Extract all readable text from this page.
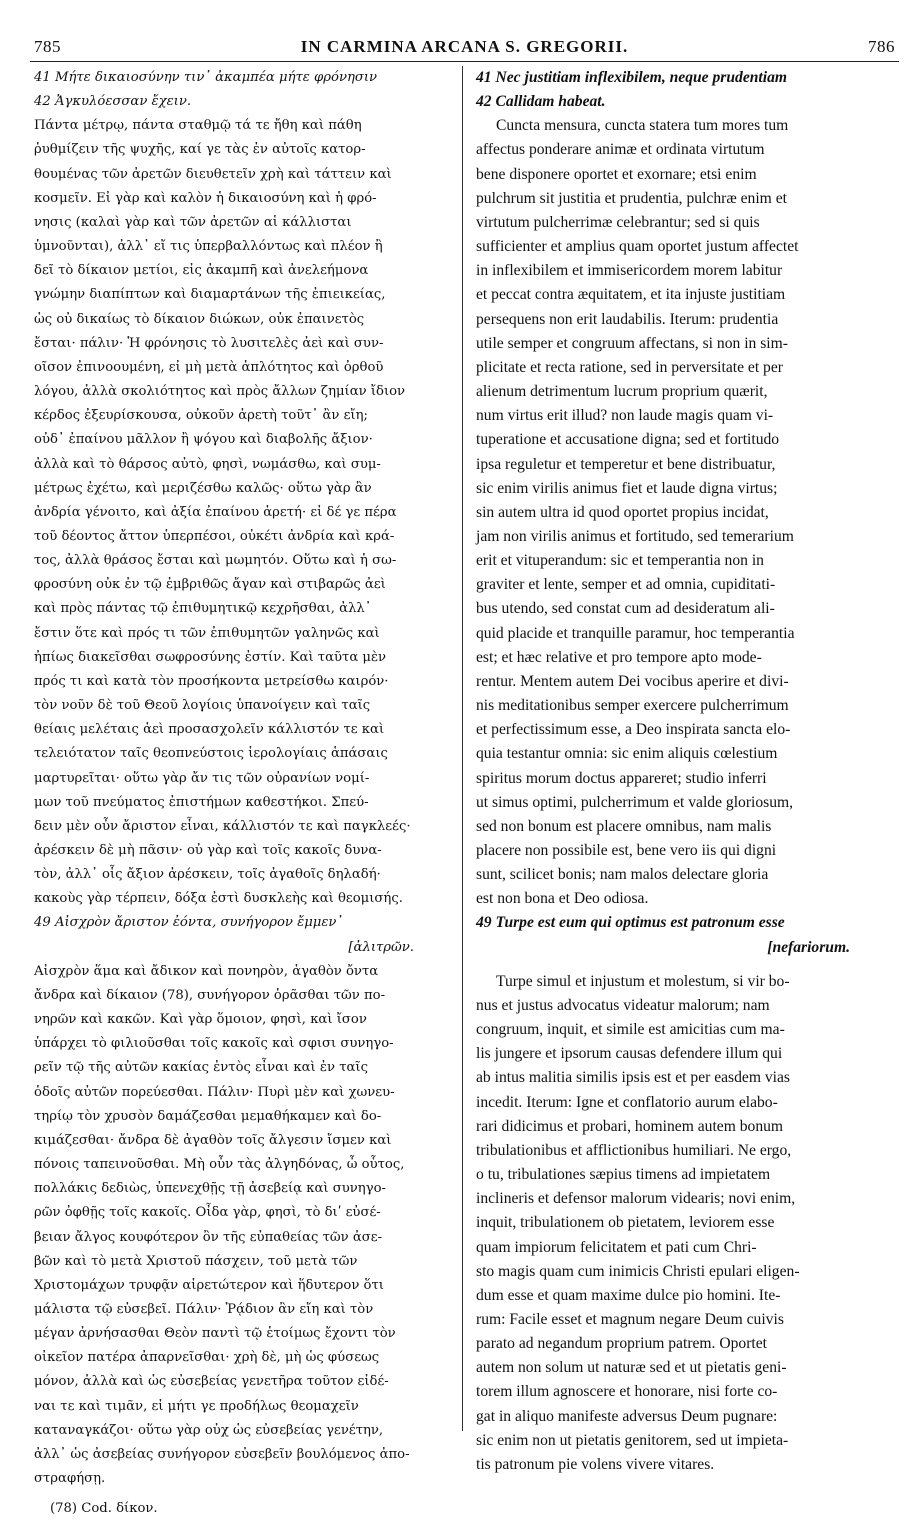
785	IN CARMINA ARCANA S. GREGORII.	786
41 Μήτε δικαιοσύνην τιν᾽ ἀκαμπέα μήτε φρόνησιν
42 Ἀγκυλόεσσαν ἔχειν.
Πάντα μέτρῳ, πάντα σταθμῷ τά τε ἤθη καὶ πάθη
ῥυθμίζειν τῆς ψυχῆς, καί γε τὰς ἐν αὐτοῖς κατορ-
θουμένας τῶν ἀρετῶν διευθετεῖν χρὴ καὶ τάττειν καὶ
κοσμεῖν. Εἰ γὰρ καὶ καλὸν ἡ δικαιοσύνη καὶ ἡ φρό-
νησις (καλαὶ γὰρ καὶ τῶν ἀρετῶν αἱ κάλλισται
ὑμνοῦνται), ἀλλ᾽ εἴ τις ὑπερβαλλόντως καὶ πλέον ἢ
δεῖ τὸ δίκαιον μετίοι, εἰς ἀκαμπῆ καὶ ἀνελεήμονα
γνώμην διαπίπτων καὶ διαμαρτάνων τῆς ἐπιεικείας,
ὡς οὐ δικαίως τὸ δίκαιον διώκων, οὐκ ἐπαινετὸς
ἔσται· πάλιν· Ἡ φρόνησις τὸ λυσιτελὲς ἀεὶ καὶ συν-
οῖσον ἐπινοουμένη, εἰ μὴ μετὰ ἁπλότητος καὶ ὀρθοῦ
λόγου, ἀλλὰ σκολιότητος καὶ πρὸς ἄλλων ζημίαν ἴδιον
κέρδος ἐξευρίσκουσα, οὐκοῦν ἀρετὴ τοῦτ᾽ ἂν εἴη;
οὐδ᾽ ἐπαίνου μᾶλλον ἢ ψόγου καὶ διαβολῆς ἄξιον·
ἀλλὰ καὶ τὸ θάρσος αὐτὸ, φησὶ, νωμάσθω, καὶ συμ-
μέτρως ἐχέτω, καὶ μεριζέσθω καλῶς· οὕτω γὰρ ἂν
ἀνδρία γένοιτο, καὶ ἀξία ἐπαίνου ἀρετή· εἰ δέ γε πέρα
τοῦ δέοντος ἄττον ὑπερπέσοι, οὐκέτι ἀνδρία καὶ κρά-
τος, ἀλλὰ θράσος ἔσται καὶ μωμητόν. Οὕτω καὶ ἡ σω-
φροσύνη οὐκ ἐν τῷ ἐμβριθῶς ἄγαν καὶ στιβαρῶς ἀεὶ
καὶ πρὸς πάντας τῷ ἐπιθυμητικῷ κεχρῆσθαι, ἀλλ᾽
ἔστιν ὅτε καὶ πρός τι τῶν ἐπιθυμητῶν γαληνῶς καὶ
ἠπίως διακεῖσθαι σωφροσύνης ἐστίν. Καὶ ταῦτα μὲν
πρός τι καὶ κατὰ τὸν προσήκοντα μετρείσθω καιρόν·
τὸν νοῦν δὲ τοῦ Θεοῦ λογίοις ὑπανοίγειν καὶ ταῖς
θείαις μελέταις ἀεὶ προσασχολεῖν κάλλιστόν τε καὶ
τελειότατον ταῖς θεοπνεύστοις ἱερολογίαις ἁπάσαις
μαρτυρεῖται· οὕτω γὰρ ἄν τις τῶν οὐρανίων νομί-
μων τοῦ πνεύματος ἐπιστήμων καθεστήκοι. Σπεύ-
δειν μὲν οὖν ἄριστον εἶναι, κάλλιστόν τε καὶ παγκλεές·
ἀρέσκειν δὲ μὴ πᾶσιν· οὐ γὰρ καὶ τοῖς κακοῖς δυνα-
τὸν, ἀλλ᾽ οἷς ἄξιον ἀρέσκειν, τοῖς ἀγαθοῖς δηλαδή·
κακοὺς γὰρ τέρπειν, δόξα ἐστὶ δυσκλεὴς καὶ θεομισής.
49 Αἰσχρὸν ἄριστον ἐόντα, συνήγορον ἔμμεν᾽
[ἀλιτρῶν.
Αἰσχρὸν ἅμα καὶ ἄδικον καὶ πονηρὸν, ἀγαθὸν ὄντα
ἄνδρα καὶ δίκαιον (78), συνήγορον ὁρᾶσθαι τῶν πο-
νηρῶν καὶ κακῶν. Καὶ γὰρ ὅμοιον, φησὶ, καὶ ἴσον
ὑπάρχει τὸ φιλιοῦσθαι τοῖς κακοῖς καὶ σφισι συνηγο-
ρεῖν τῷ τῆς αὐτῶν κακίας ἐντὸς εἶναι καὶ ἐν ταῖς
ὁδοῖς αὐτῶν πορεύεσθαι. Πάλιν· Πυρὶ μὲν καὶ χωνευ-
τηρίῳ τὸν χρυσὸν δαμάζεσθαι μεμαθήκαμεν καὶ δο-
κιμάζεσθαι· ἄνδρα δὲ ἀγαθὸν τοῖς ἄλγεσιν ἴσμεν καὶ
πόνοις ταπεινοῦσθαι. Μὴ οὖν τὰς ἀλγηδόνας, ὦ οὗτος,
πολλάκις δεδιὼς, ὑπενεχθῇς τῇ ἀσεβείᾳ καὶ συνηγο-
ρῶν ὀφθῇς τοῖς κακοῖς. Οἶδα γὰρ, φησὶ, τὸ διʹ εὐσέ-
βειαν ἄλγος κουφότερον ὂν τῆς εὐπαθείας τῶν ἀσε-
βῶν καὶ τὸ μετὰ Χριστοῦ πάσχειν, τοῦ μετὰ τῶν
Χριστομάχων τρυφᾷν αἱρετώτερον καὶ ἥδυτερον ὅτι
μάλιστα τῷ εὐσεβεῖ. Πάλιν· Ῥᾴδιον ἂν εἴη καὶ τὸν
μέγαν ἀρνήσασθαι Θεὸν παντὶ τῷ ἑτοίμως ἔχοντι τὸν
οἰκεῖον πατέρα ἀπαρνεῖσθαι· χρὴ δὲ, μὴ ὡς φύσεως
μόνον, ἀλλὰ καὶ ὡς εὐσεβείας γενετῆρα τοῦτον εἰδέ-
ναι τε καὶ τιμᾶν, εἰ μήτι γε προδήλως θεομαχεῖν
καταναγκάζοι· οὕτω γὰρ οὐχ ὡς εὐσεβείας γενέτην,
ἀλλ᾽ ὡς ἀσεβείας συνήγορον εὐσεβεῖν βουλόμενος ἀπο-
στραφήσῃ.
(78) Cod. δίκον.
41 Nec justitiam inflexibilem, neque prudentiam
42 Callidam habeat.
Cuncta mensura, cuncta statera tum mores tum
affectus ponderare animæ et ordinata virtutum
bene disponere oportet et exornare; etsi enim
pulchrum sit justitia et prudentia, pulchræ enim et
virtutum pulcherrimæ celebrantur; sed si quis
sufficienter et amplius quam oportet justum affectet
in inflexibilem et immisericordem morem labitur
et peccat contra æquitatem, et ita injuste justitiam
persequens non erit laudabilis. Iterum: prudentia
utile semper et congruum affectans, si non in sim-
plicitate et recta ratione, sed in perversitate et per
alienum detrimentum lucrum proprium quærit,
num virtus erit illud? non laude magis quam vi-
tuperatione et accusatione digna; sed et fortitudo
ipsa reguletur et temperetur et bene distribuatur,
sic enim virilis animus fiet et laude digna virtus;
sin autem ultra id quod oportet propius incidat,
jam non virilis animus et fortitudo, sed temerarium
erit et vituperandum: sic et temperantia non in
graviter et lente, semper et ad omnia, cupiditati-
bus utendo, sed constat cum ad desideratum ali-
quid placide et tranquille paramur, hoc temperantia
est; et hæc relative et pro tempore apto mode-
rentur. Mentem autem Dei vocibus aperire et divi-
nis meditationibus semper exercere pulcherrimum
et perfectissimum esse, a Deo inspirata sancta elo-
quia testantur omnia: sic enim aliquis cœlestium
spiritus morum doctus appareret; studio inferri
ut simus optimi, pulcherrimum et valde gloriosum,
sed non bonum est placere omnibus, nam malis
placere non possibile est, bene vero iis qui digni
sunt, scilicet bonis; nam malos delectare gloria
est non bona et Deo odiosa.
49 Turpe est eum qui optimus est patronum esse
[nefariorum.
Turpe simul et injustum et molestum, si vir bo-
nus et justus advocatus videatur malorum; nam
congruum, inquit, et simile est amicitias cum ma-
lis jungere et ipsorum causas defendere illum qui
ab intus malitia similis ipsis est et per easdem vias
incedit. Iterum: Igne et conflatorio aurum elabo-
rari didicimus et probari, hominem autem bonum
tribulationibus et afflictionibus humiliari. Ne ergo,
o tu, tribulationes sæpius timens ad impietatem
inclineris et defensor malorum videaris; novi enim,
inquit, tribulationem ob pietatem, leviorem esse
quam impiorum felicitatem et pati cum Chri-
sto magis quam cum inimicis Christi epulari eligen-
dum esse et quam maxime dulce pio homini. Ite-
rum: Facile esset et magnum negare Deum cuivis
parato ad negandum proprium patrem. Oportet
autem non solum ut naturæ sed et ut pietatis geni-
torem illum agnoscere et honorare, nisi forte co-
gat in aliquo manifeste adversus Deum pugnare:
sic enim non ut pietatis genitorem, sed ut impieta-
tis patronum pie volens vivere vitares.
